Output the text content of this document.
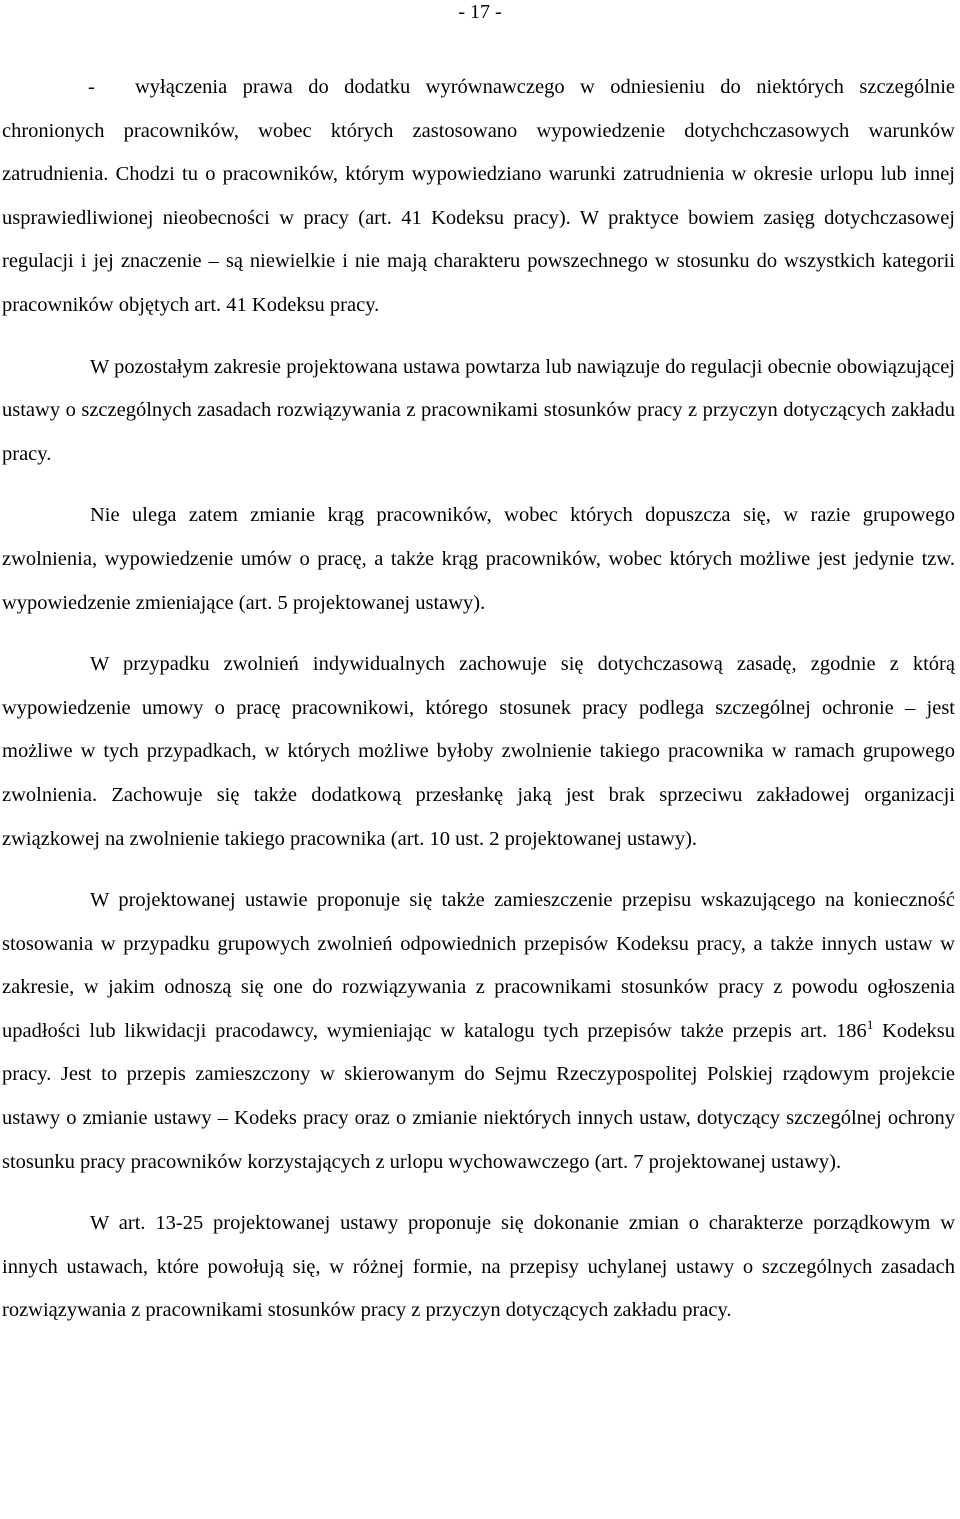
- 17 -

- wyłączenia prawa do dodatku wyrównawczego w odniesieniu do niektórych szczególnie chronionych pracowników, wobec których zastosowano wypowiedzenie dotychchczasowych warunków zatrudnienia. Chodzi tu o pracowników, którym wypowiedziano warunki zatrudnienia w okresie urlopu lub innej usprawiedliwionej nieobecności w pracy (art. 41 Kodeksu pracy). W praktyce bowiem zasięg dotychczasowej regulacji i jej znaczenie – są niewielkie i nie mają charakteru powszechnego w stosunku do wszystkich kategorii pracowników objętych art. 41 Kodeksu pracy.

W pozostałym zakresie projektowana ustawa powtarza lub nawiązuje do regulacji obecnie obowiązującej ustawy o szczególnych zasadach rozwiązywania z pracownikami stosunków pracy z przyczyn dotyczących zakładu pracy.

Nie ulega zatem zmianie krąg pracowników, wobec których dopuszcza się, w razie grupowego zwolnienia, wypowiedzenie umów o pracę, a także krąg pracowników, wobec których możliwe jest jedynie tzw. wypowiedzenie zmieniające (art. 5 projektowanej ustawy).

W przypadku zwolnień indywidualnych zachowuje się dotychczasową zasadę, zgodnie z którą wypowiedzenie umowy o pracę pracownikowi, którego stosunek pracy podlega szczególnej ochronie – jest możliwe w tych przypadkach, w których możliwe byłoby zwolnienie takiego pracownika w ramach grupowego zwolnienia. Zachowuje się także dodatkową przesłankę jaką jest brak sprzeciwu zakładowej organizacji związkowej na zwolnienie takiego pracownika (art. 10 ust. 2 projektowanej ustawy).

W projektowanej ustawie proponuje się także zamieszczenie przepisu wskazującego na konieczność stosowania w przypadku grupowych zwolnień odpowiednich przepisów Kodeksu pracy, a także innych ustaw w zakresie, w jakim odnoszą się one do rozwiązywania z pracownikami stosunków pracy z powodu ogłoszenia upadłości lub likwidacji pracodawcy, wymieniając w katalogu tych przepisów także przepis art. $186^1$ Kodeksu pracy. Jest to przepis zamieszczony w skierowanym do Sejmu Rzeczypospolitej Polskiej rządowym projekcie ustawy o zmianie ustawy – Kodeks pracy oraz o zmianie niektórych innych ustaw, dotyczący szczególnej ochrony stosunku pracy pracowników korzystających z urlopu wychowawczego (art. 7 projektowanej ustawy).

W art. 13-25 projektowanej ustawy proponuje się dokonanie zmian o charakterze porządkowym w innych ustawach, które powołują się, w różnej formie, na przepisy uchylanej ustawy o szczególnych zasadach rozwiązywania z pracownikami stosunków pracy z przyczyn dotyczących zakładu pracy.
